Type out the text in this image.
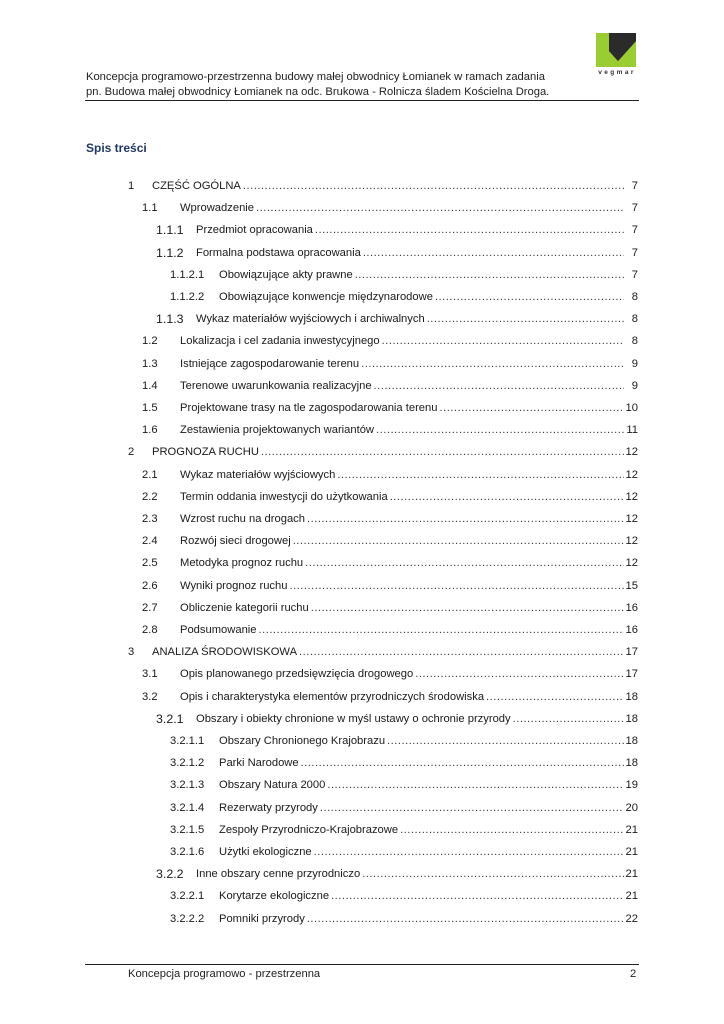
Koncepcja programowo-przestrzenna budowy małej obwodnicy Łomianek w ramach zadania
pn. Budowa małej obwodnicy Łomianek na odc. Brukowa - Rolnicza śladem Kościelna Droga.
vegmar
Spis treści
1 CZĘŚĆ OGÓLNA .....	7
1.1 Wprowadzenie .....	7
1.1.1 Przedmiot opracowania .....	7
1.1.2 Formalna podstawa opracowania .....	7
1.1.2.1 Obowiązujące akty prawne .....	7
1.1.2.2 Obowiązujące konwencje międzynarodowe .....	8
1.1.3 Wykaz materiałów wyjściowych i archiwalnych .....	8
1.2 Lokalizacja i cel zadania inwestycyjnego .....	8
1.3 Istniejące zagospodarowanie terenu .....	9
1.4 Terenowe uwarunkowania realizacyjne .....	9
1.5 Projektowane trasy na tle zagospodarowania terenu .....	10
1.6 Zestawienia projektowanych wariantów .....	11
2 PROGNOZA RUCHU .....	12
2.1 Wykaz materiałów wyjściowych .....	12
2.2 Termin oddania inwestycji do użytkowania .....	12
2.3 Wzrost ruchu na drogach .....	12
2.4 Rozwój sieci drogowej .....	12
2.5 Metodyka prognoz ruchu .....	12
2.6 Wyniki prognoz ruchu .....	15
2.7 Obliczenie kategorii ruchu .....	16
2.8 Podsumowanie .....	16
3 ANALIZA ŚRODOWISKOWA .....	17
3.1 Opis planowanego przedsięwzięcia drogowego .....	17
3.2 Opis i charakterystyka elementów przyrodniczych środowiska .....	18
3.2.1 Obszary i obiekty chronione w myśl ustawy o ochronie przyrody .....	18
3.2.1.1 Obszary Chronionego Krajobrazu .....	18
3.2.1.2 Parki Narodowe .....	18
3.2.1.3 Obszary Natura 2000 .....	19
3.2.1.4 Rezerwaty przyrody .....	20
3.2.1.5 Zespoły Przyrodniczo-Krajobrazowe .....	21
3.2.1.6 Użytki ekologiczne .....	21
3.2.2 Inne obszary cenne przyrodniczo .....	21
3.2.2.1 Korytarze ekologiczne .....	21
3.2.2.2 Pomniki przyrody .....	22
Koncepcja programowo - przestrzenna	2
